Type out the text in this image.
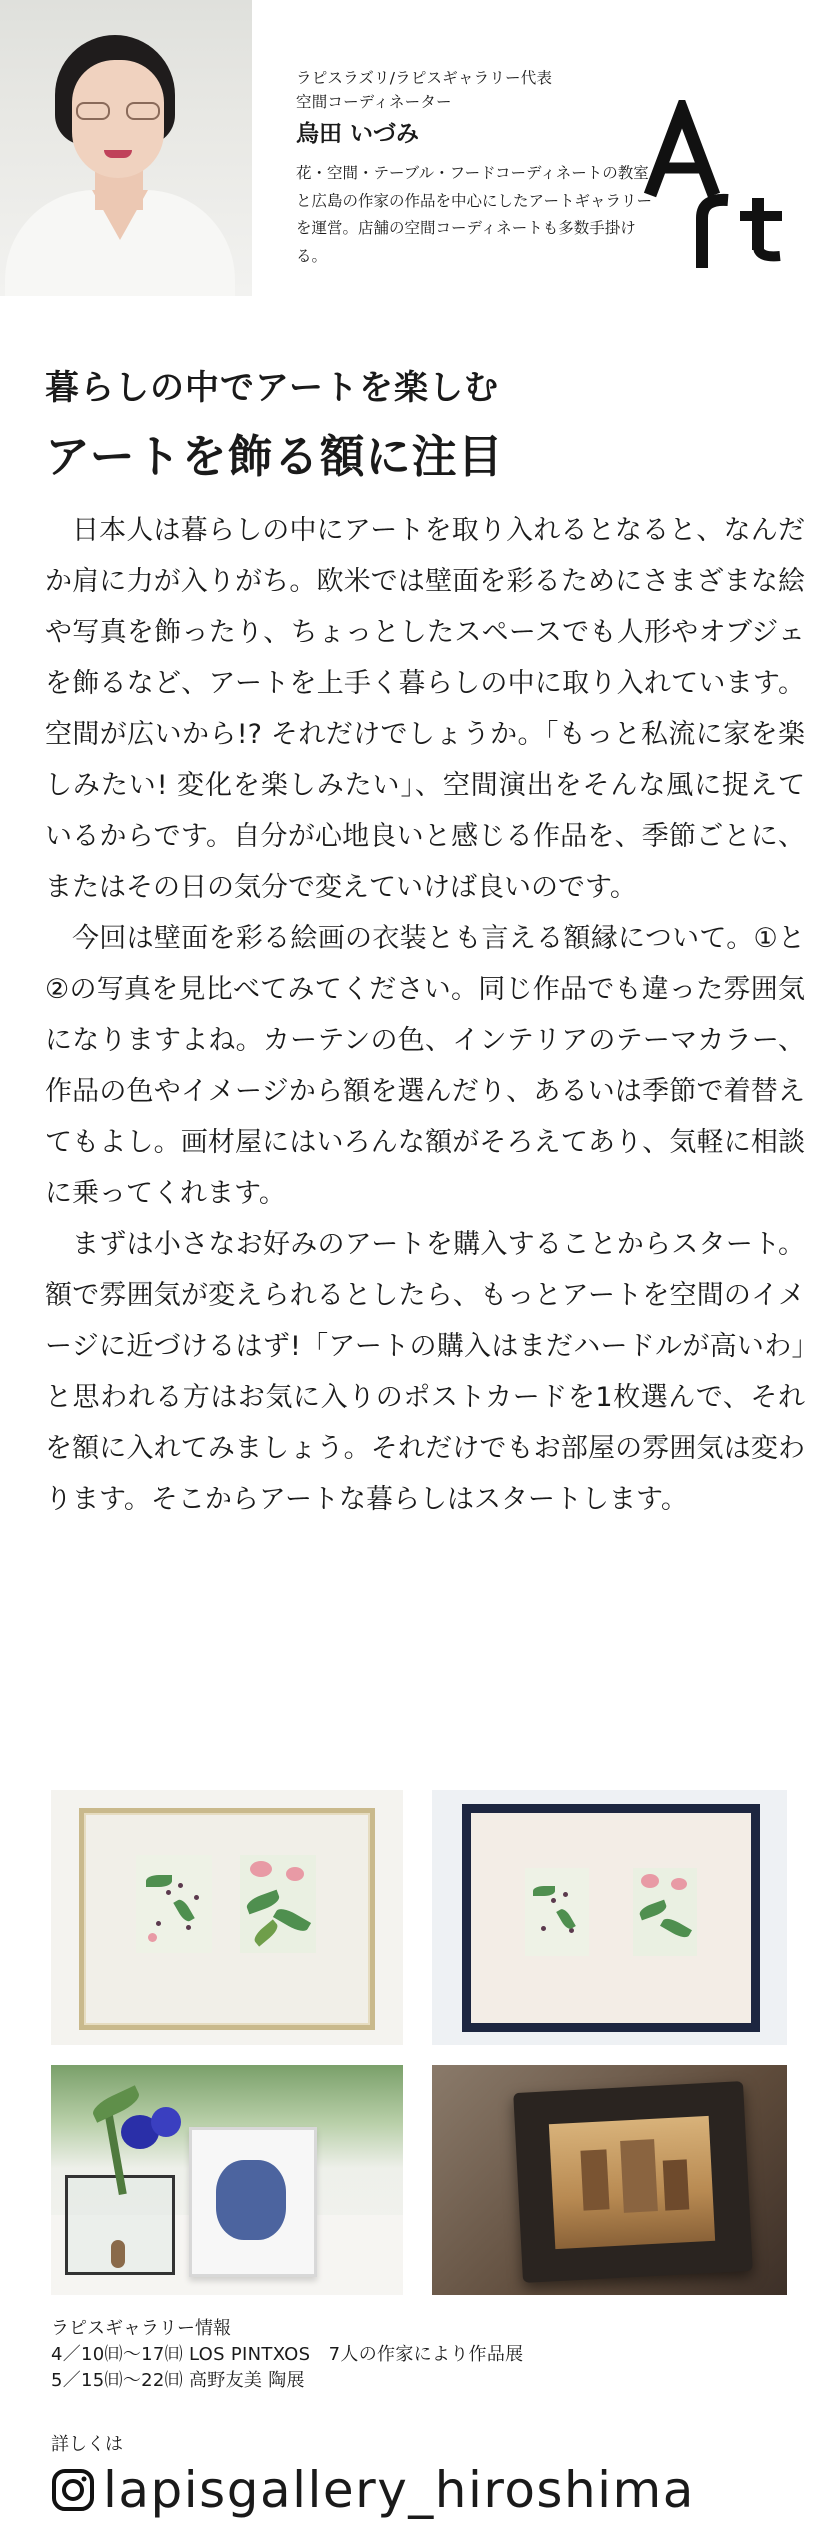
ラピスラズリ/ラピスギャラリー代表
空間コーディネーター
烏田 いづみ
花・空間・テーブル・フードコーディネートの教室と広島の作家の作品を中心にしたアートギャラリーを運営。店舗の空間コーディネートも多数手掛ける。
暮らしの中でアートを楽しむ
アートを飾る額に注目

日本人は暮らしの中にアートを取り入れるとなると、なんだか肩に力が入りがち。欧米では壁面を彩るためにさまざまな絵や写真を飾ったり、ちょっとしたスペースでも人形やオブジェを飾るなど、アートを上手く暮らしの中に取り入れています。空間が広いから!? それだけでしょうか。「もっと私流に家を楽しみたい! 変化を楽しみたい」、空間演出をそんな風に捉えているからです。自分が心地良いと感じる作品を、季節ごとに、またはその日の気分で変えていけば良いのです。

今回は壁面を彩る絵画の衣装とも言える額縁について。①と②の写真を見比べてみてください。同じ作品でも違った雰囲気になりますよね。カーテンの色、インテリアのテーマカラー、作品の色やイメージから額を選んだり、あるいは季節で着替えてもよし。画材屋にはいろんな額がそろえてあり、気軽に相談に乗ってくれます。

まずは小さなお好みのアートを購入することからスタート。額で雰囲気が変えられるとしたら、もっとアートを空間のイメージに近づけるはず!「アートの購入はまだハードルが高いわ」と思われる方はお気に入りのポストカードを1枚選んで、それを額に入れてみましょう。それだけでもお部屋の雰囲気は変わります。そこからアートな暮らしはスタートします。

ラピスギャラリー情報
4／10㈰〜17㈰ LOS PINTXOS　7人の作家により作品展
5／15㈰〜22㈰ 高野友美 陶展
詳しくは
lapisgallery_hiroshima
